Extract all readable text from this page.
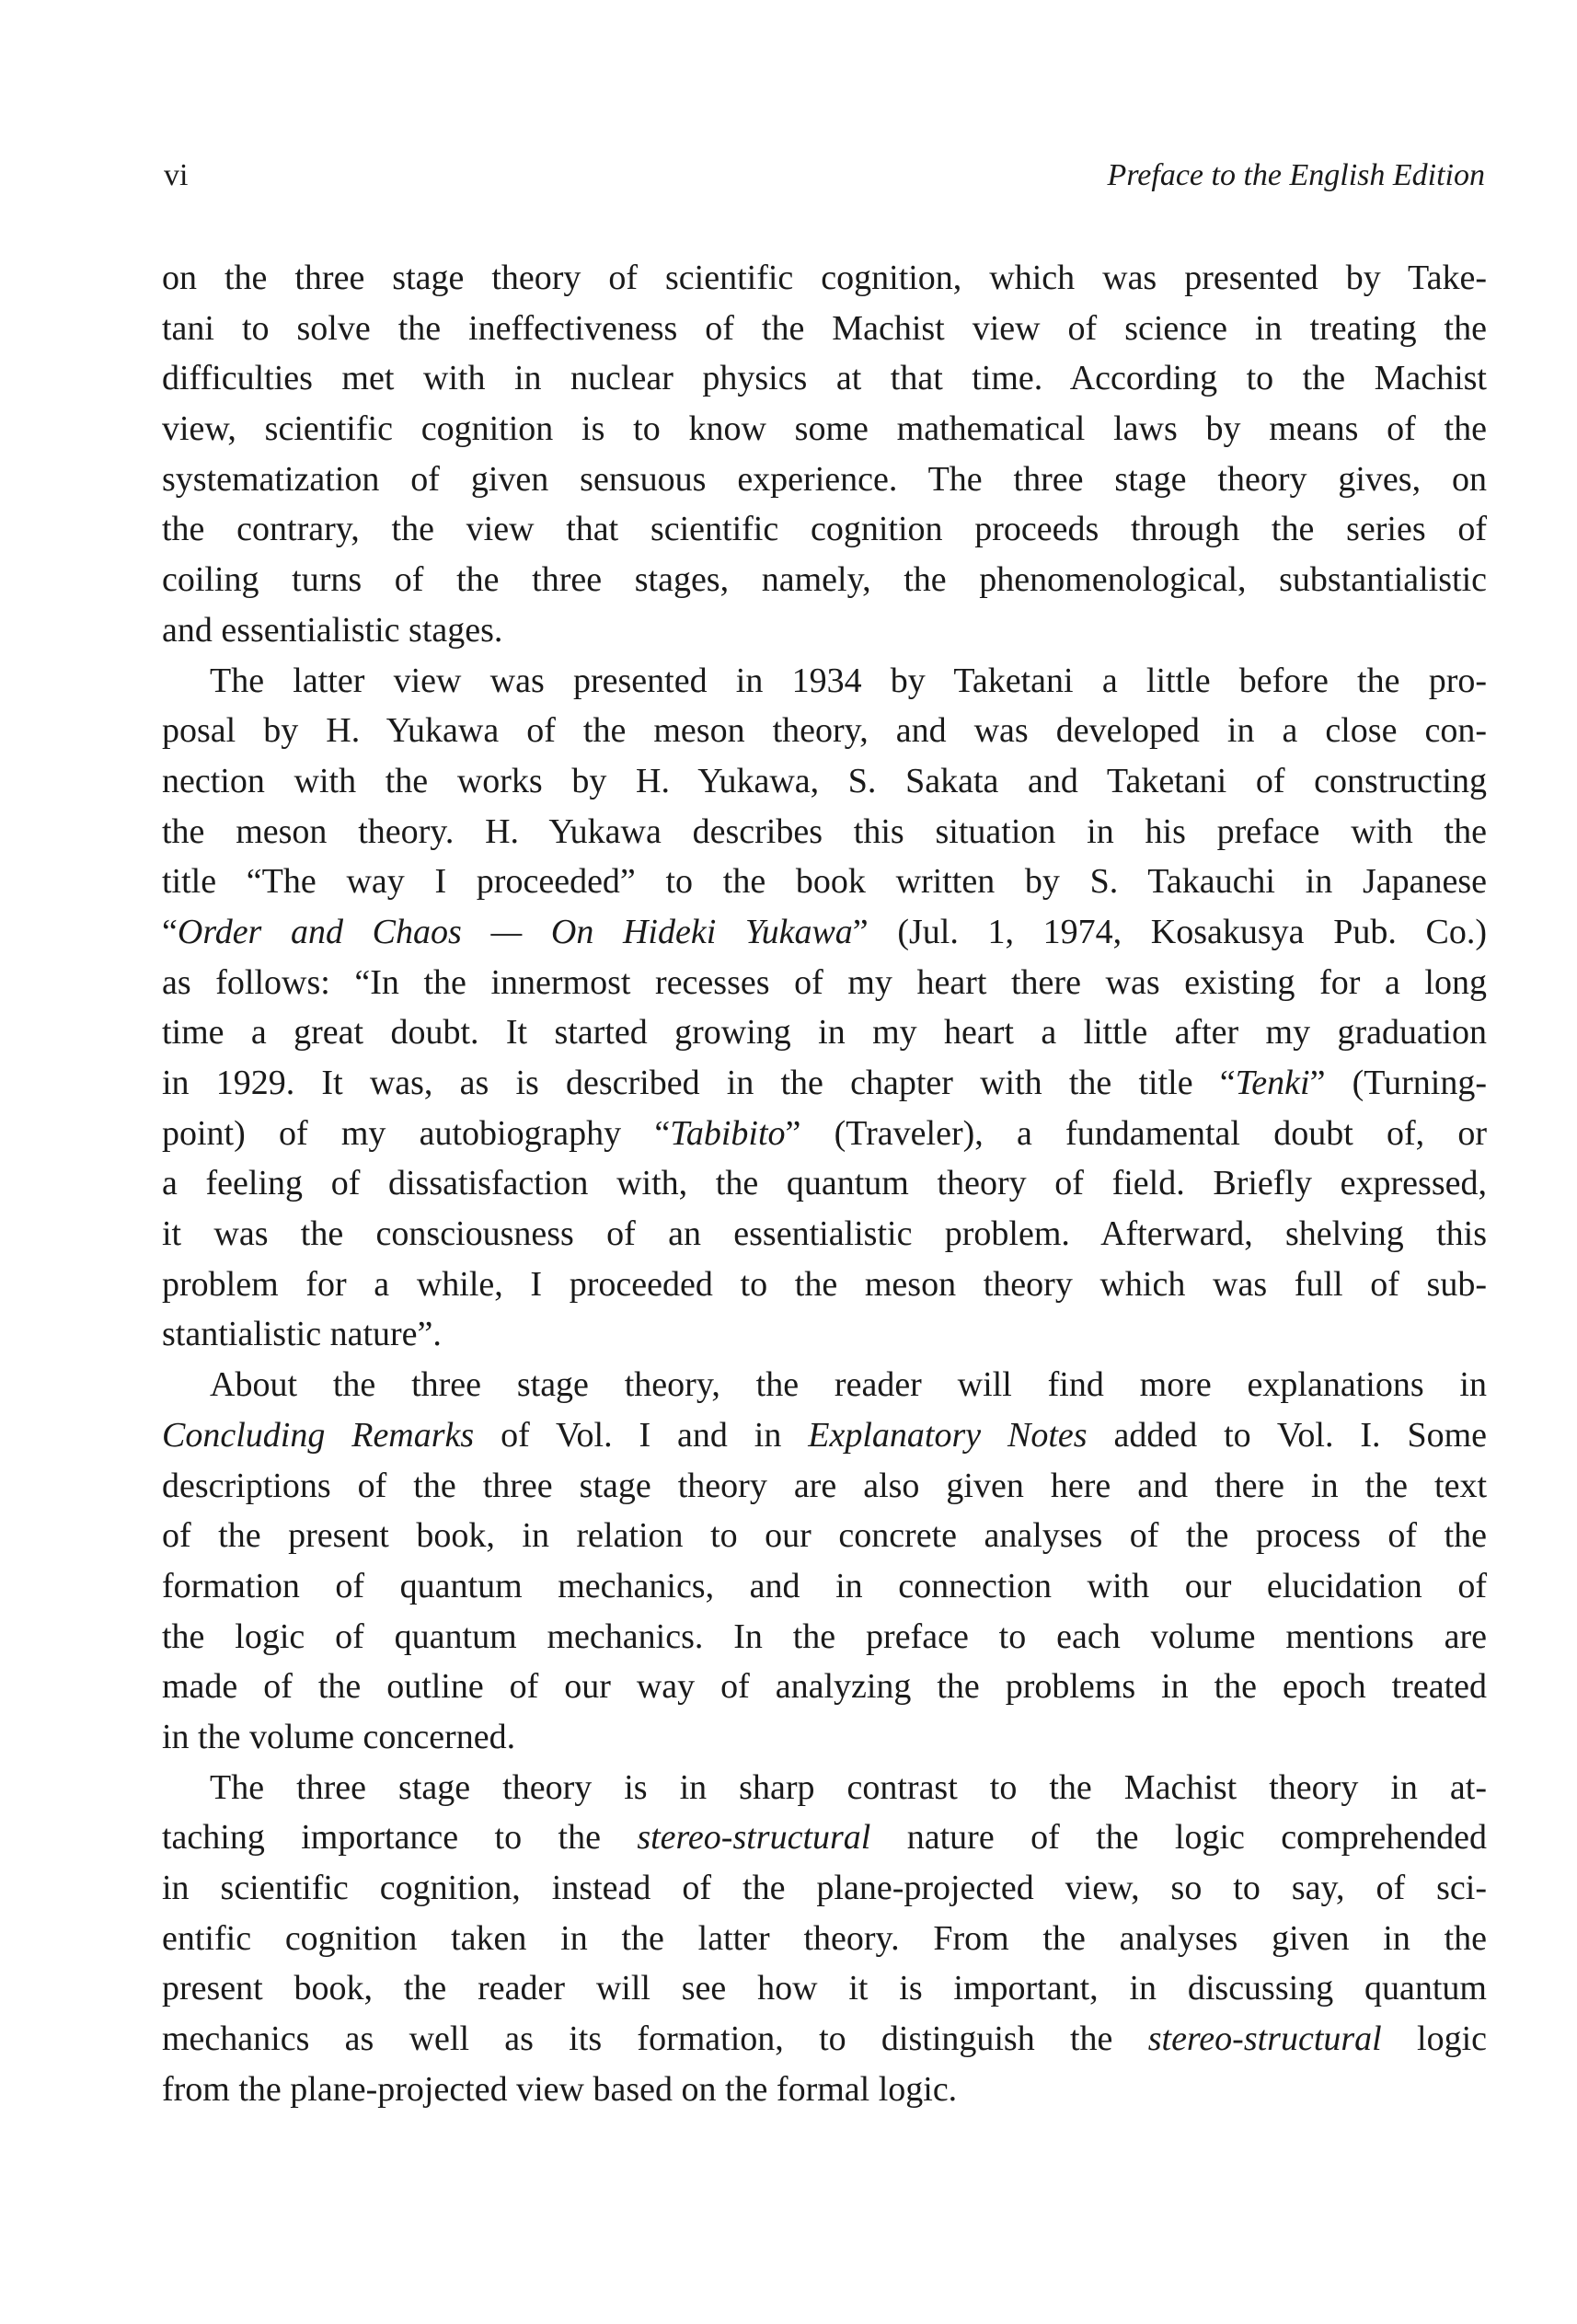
vi	Preface to the English Edition
on the three stage theory of scientific cognition, which was presented by Take-
tani to solve the ineffectiveness of the Machist view of science in treating the
difficulties met with in nuclear physics at that time. According to the Machist
view, scientific cognition is to know some mathematical laws by means of the
systematization of given sensuous experience. The three stage theory gives, on
the contrary, the view that scientific cognition proceeds through the series of
coiling turns of the three stages, namely, the phenomenological, substantialistic
and essentialistic stages.
The latter view was presented in 1934 by Taketani a little before the pro-
posal by H. Yukawa of the meson theory, and was developed in a close con-
nection with the works by H. Yukawa, S. Sakata and Taketani of constructing
the meson theory. H. Yukawa describes this situation in his preface with the
title “The way I proceeded” to the book written by S. Takauchi in Japanese
“Order and Chaos — On Hideki Yukawa” (Jul. 1, 1974, Kosakusya Pub. Co.)
as follows: “In the innermost recesses of my heart there was existing for a long
time a great doubt. It started growing in my heart a little after my graduation
in 1929. It was, as is described in the chapter with the title “Tenki” (Turning-
point) of my autobiography “Tabibito” (Traveler), a fundamental doubt of, or
a feeling of dissatisfaction with, the quantum theory of field. Briefly expressed,
it was the consciousness of an essentialistic problem. Afterward, shelving this
problem for a while, I proceeded to the meson theory which was full of sub-
stantialistic nature”.
About the three stage theory, the reader will find more explanations in
Concluding Remarks of Vol. I and in Explanatory Notes added to Vol. I. Some
descriptions of the three stage theory are also given here and there in the text
of the present book, in relation to our concrete analyses of the process of the
formation of quantum mechanics, and in connection with our elucidation of
the logic of quantum mechanics. In the preface to each volume mentions are
made of the outline of our way of analyzing the problems in the epoch treated
in the volume concerned.
The three stage theory is in sharp contrast to the Machist theory in at-
taching importance to the stereo-structural nature of the logic comprehended
in scientific cognition, instead of the plane-projected view, so to say, of sci-
entific cognition taken in the latter theory. From the analyses given in the
present book, the reader will see how it is important, in discussing quantum
mechanics as well as its formation, to distinguish the stereo-structural logic
from the plane-projected view based on the formal logic.
